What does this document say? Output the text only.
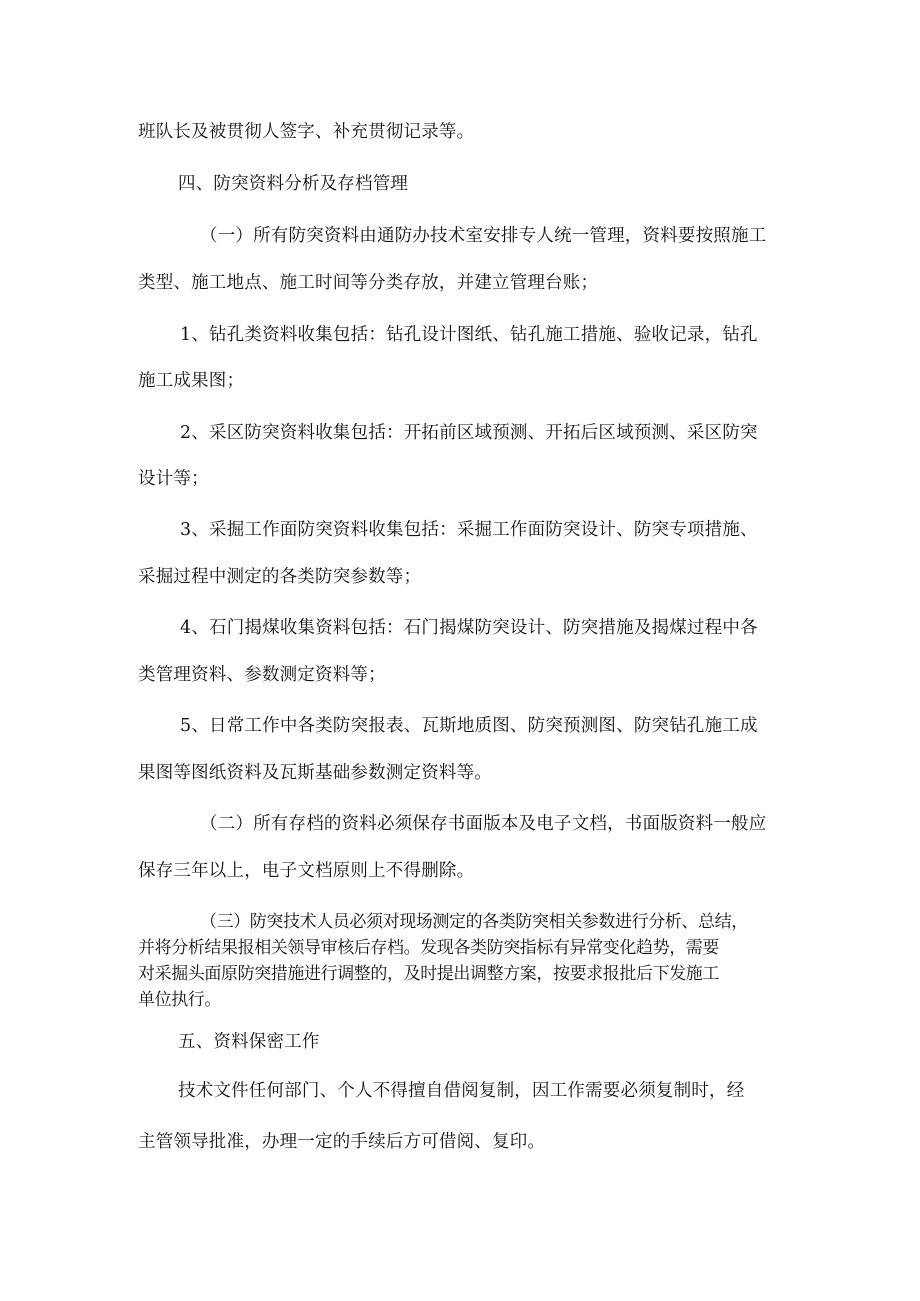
班队长及被贯彻人签字、补充贯彻记录等。
四、防突资料分析及存档管理
（一）所有防突资料由通防办技术室安排专人统一管理，资料要按照施工
类型、施工地点、施工时间等分类存放，并建立管理台账；
1、钻孔类资料收集包括：钻孔设计图纸、钻孔施工措施、验收记录，钻孔
施工成果图；
2、采区防突资料收集包括：开拓前区域预测、开拓后区域预测、采区防突
设计等；
3、采掘工作面防突资料收集包括：采掘工作面防突设计、防突专项措施、
采掘过程中测定的各类防突参数等；
4、石门揭煤收集资料包括：石门揭煤防突设计、防突措施及揭煤过程中各
类管理资料、参数测定资料等；
5、日常工作中各类防突报表、瓦斯地质图、防突预测图、防突钻孔施工成
果图等图纸资料及瓦斯基础参数测定资料等。
（二）所有存档的资料必须保存书面版本及电子文档，书面版资料一般应
保存三年以上，电子文档原则上不得删除。
（三）防突技术人员必须对现场测定的各类防突相关参数进行分析、总结，
并将分析结果报相关领导审核后存档。发现各类防突指标有异常变化趋势，需要
对采掘头面原防突措施进行调整的，及时提出调整方案，按要求报批后下发施工
单位执行。
五、资料保密工作
技术文件任何部门、个人不得擅自借阅复制，因工作需要必须复制时，经
主管领导批准，办理一定的手续后方可借阅、复印。
